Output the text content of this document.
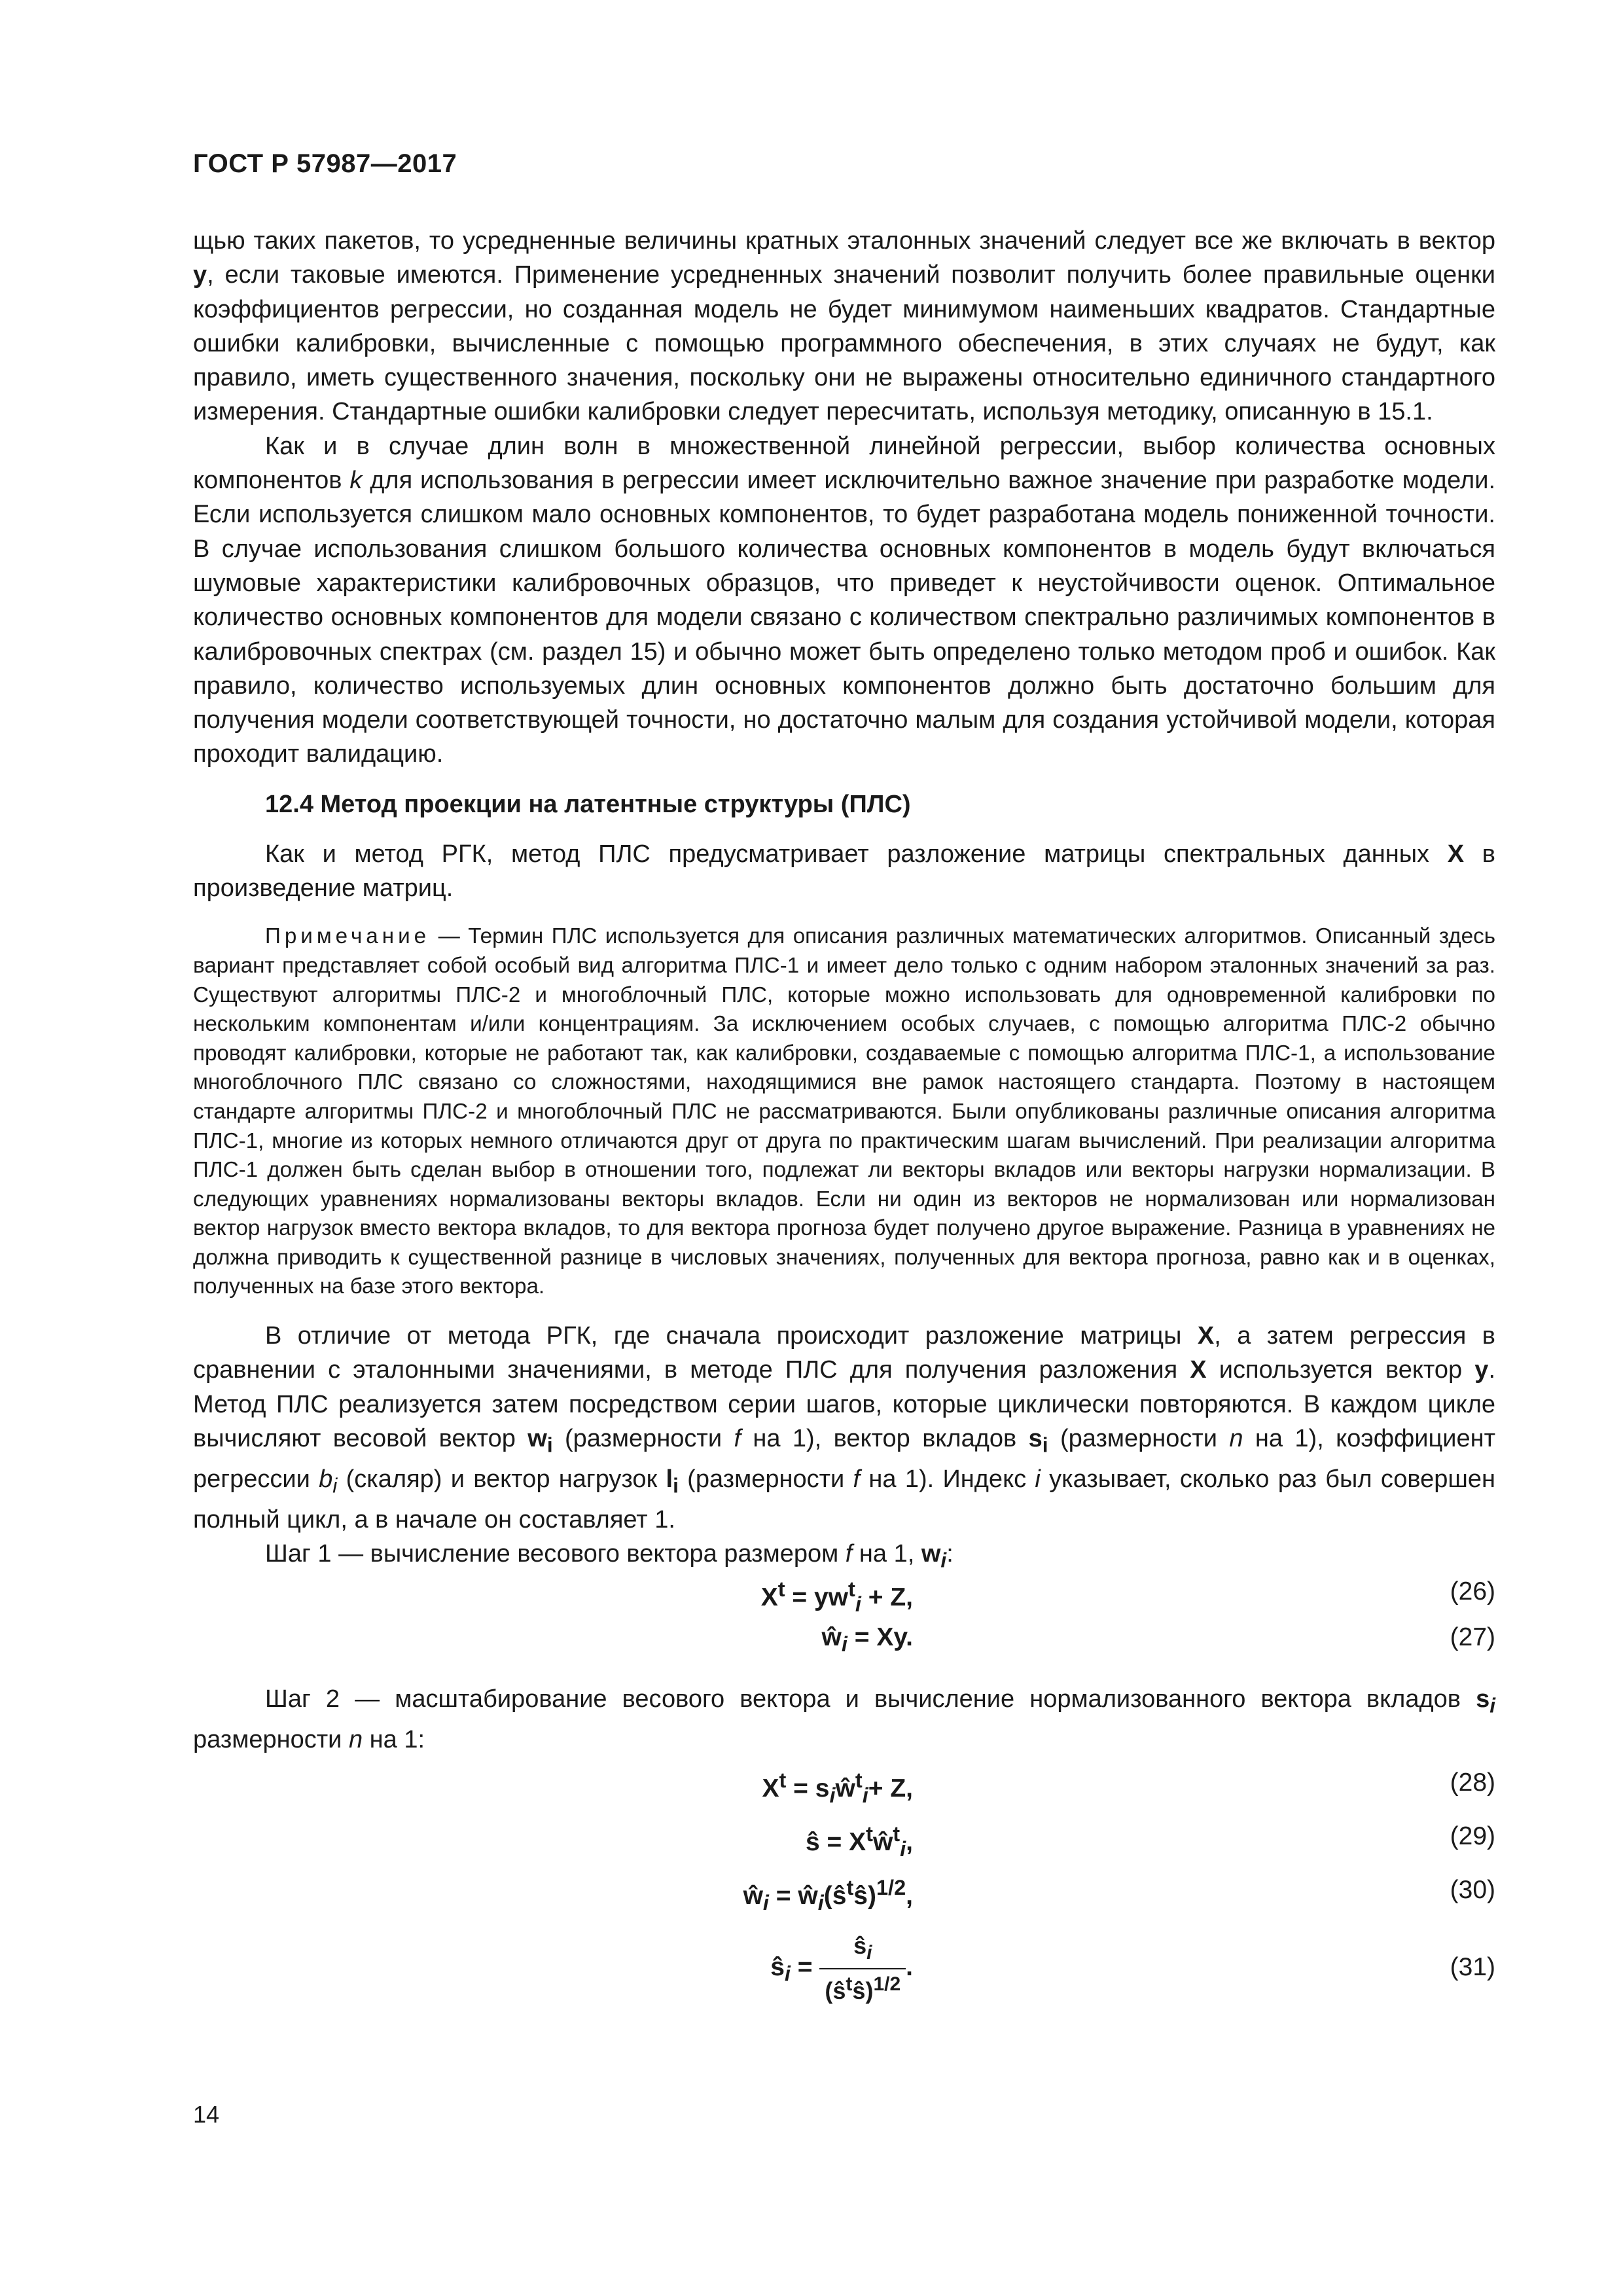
ГОСТ Р 57987—2017

щью таких пакетов, то усредненные величины кратных эталонных значений следует все же включать в вектор y, если таковые имеются. Применение усредненных значений позволит получить более правильные оценки коэффициентов регрессии, но созданная модель не будет минимумом наименьших квадратов. Стандартные ошибки калибровки, вычисленные с помощью программного обеспечения, в этих случаях не будут, как правило, иметь существенного значения, поскольку они не выражены относительно единичного стандартного измерения. Стандартные ошибки калибровки следует пересчитать, используя методику, описанную в 15.1.

Как и в случае длин волн в множественной линейной регрессии, выбор количества основных компонентов k для использования в регрессии имеет исключительно важное значение при разработке модели. Если используется слишком мало основных компонентов, то будет разработана модель пониженной точности. В случае использования слишком большого количества основных компонентов в модель будут включаться шумовые характеристики калибровочных образцов, что приведет к неустойчивости оценок. Оптимальное количество основных компонентов для модели связано с количеством спектрально различимых компонентов в калибровочных спектрах (см. раздел 15) и обычно может быть определено только методом проб и ошибок. Как правило, количество используемых длин основных компонентов должно быть достаточно большим для получения модели соответствующей точности, но достаточно малым для создания устойчивой модели, которая проходит валидацию.

12.4 Метод проекции на латентные структуры (ПЛС)

Как и метод РГК, метод ПЛС предусматривает разложение матрицы спектральных данных X в произведение матриц.

Примечание — Термин ПЛС используется для описания различных математических алгоритмов. Описанный здесь вариант представляет собой особый вид алгоритма ПЛС-1 и имеет дело только с одним набором эталонных значений за раз. Существуют алгоритмы ПЛС-2 и многоблочный ПЛС, которые можно использовать для одновременной калибровки по нескольким компонентам и/или концентрациям. За исключением особых случаев, с помощью алгоритма ПЛС-2 обычно проводят калибровки, которые не работают так, как калибровки, создаваемые с помощью алгоритма ПЛС-1, а использование многоблочного ПЛС связано со сложностями, находящимися вне рамок настоящего стандарта. Поэтому в настоящем стандарте алгоритмы ПЛС-2 и многоблочный ПЛС не рассматриваются. Были опубликованы различные описания алгоритма ПЛС-1, многие из которых немного отличаются друг от друга по практическим шагам вычислений. При реализации алгоритма ПЛС-1 должен быть сделан выбор в отношении того, подлежат ли векторы вкладов или векторы нагрузки нормализации. В следующих уравнениях нормализованы векторы вкладов. Если ни один из векторов не нормализован или нормализован вектор нагрузок вместо вектора вкладов, то для вектора прогноза будет получено другое выражение. Разница в уравнениях не должна приводить к существенной разнице в числовых значениях, полученных для вектора прогноза, равно как и в оценках, полученных на базе этого вектора.

В отличие от метода РГК, где сначала происходит разложение матрицы X, а затем регрессия в сравнении с эталонными значениями, в методе ПЛС для получения разложения X используется вектор y. Метод ПЛС реализуется затем посредством серии шагов, которые циклически повторяются. В каждом цикле вычисляют весовой вектор $w_i$ (размерности f на 1), вектор вкладов $s_i$ (размерности n на 1), коэффициент регрессии $b_i$ (скаляр) и вектор нагрузок $l_i$ (размерности f на 1). Индекс i указывает, сколько раз был совершен полный цикл, а в начале он составляет 1.

Шаг 1 — вычисление весового вектора размером f на 1, $w_i$:

$X^t = yw^t_i + Z$,	(26)
$ŵ_i = Xy$.	(27)

Шаг 2 — масштабирование весового вектора и вычисление нормализованного вектора вкладов $s_i$ размерности n на 1:

$X^t$ = $s_iŵ^t_i+ Z$,	(28)
ŝ = $X^tŵ^t_i$,	(29)
$ŵ_i$ = $ŵ_i(ŝ^tŝ)^{1/2}$,	(30)
$ŝ_i = \frac{ŝ_i}{(ŝ^tŝ)^{1/2}}$ .	(31)
14
